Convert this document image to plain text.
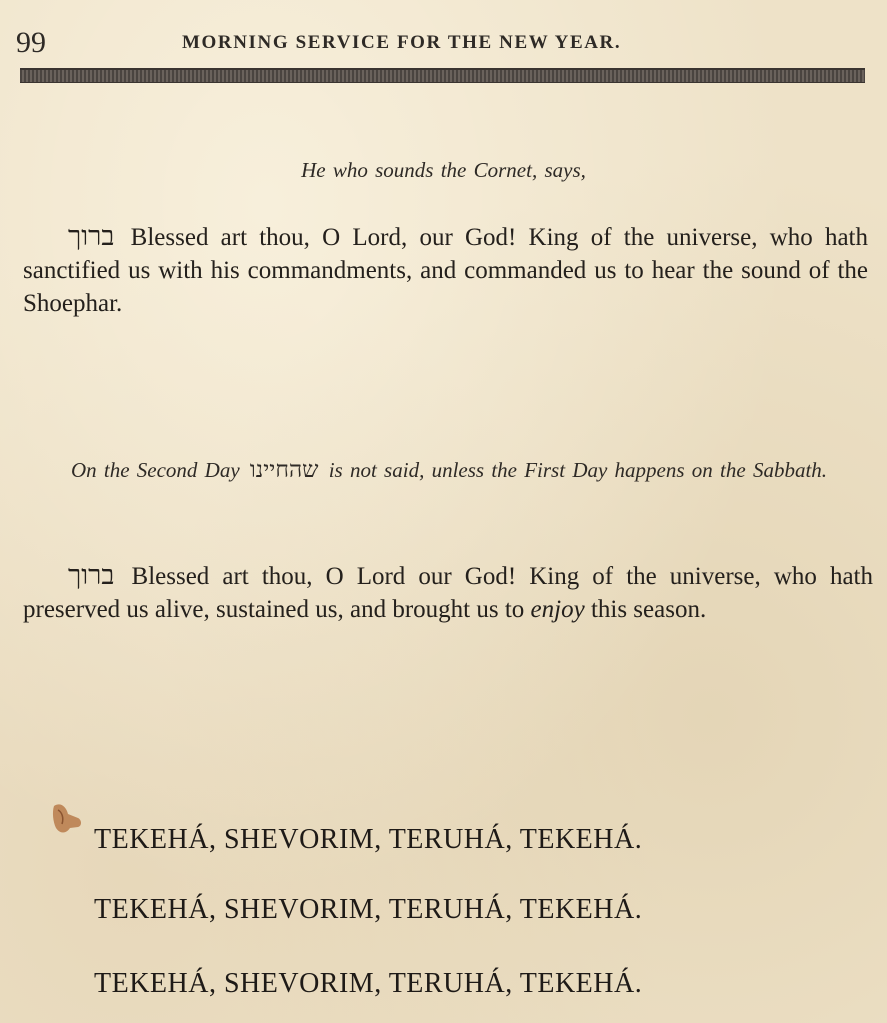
99	MORNING SERVICE FOR THE NEW YEAR.
He who sounds the Cornet, says,
ברוך Blessed art thou, O Lord, our God! King of the universe, who hath sanctified us with his commandments, and commanded us to hear the sound of the Shoephar.
On the Second Day שהחיינו is not said, unless the First Day happens on the Sabbath.
ברוך Blessed art thou, O Lord our God! King of the universe, who hath preserved us alive, sustained us, and brought us to enjoy this season.
TEKEHÁ, SHEVORIM, TERUHÁ, TEKEHÁ.
TEKEHÁ, SHEVORIM, TERUHÁ, TEKEHÁ.
TEKEHÁ, SHEVORIM, TERUHÁ, TEKEHÁ.
